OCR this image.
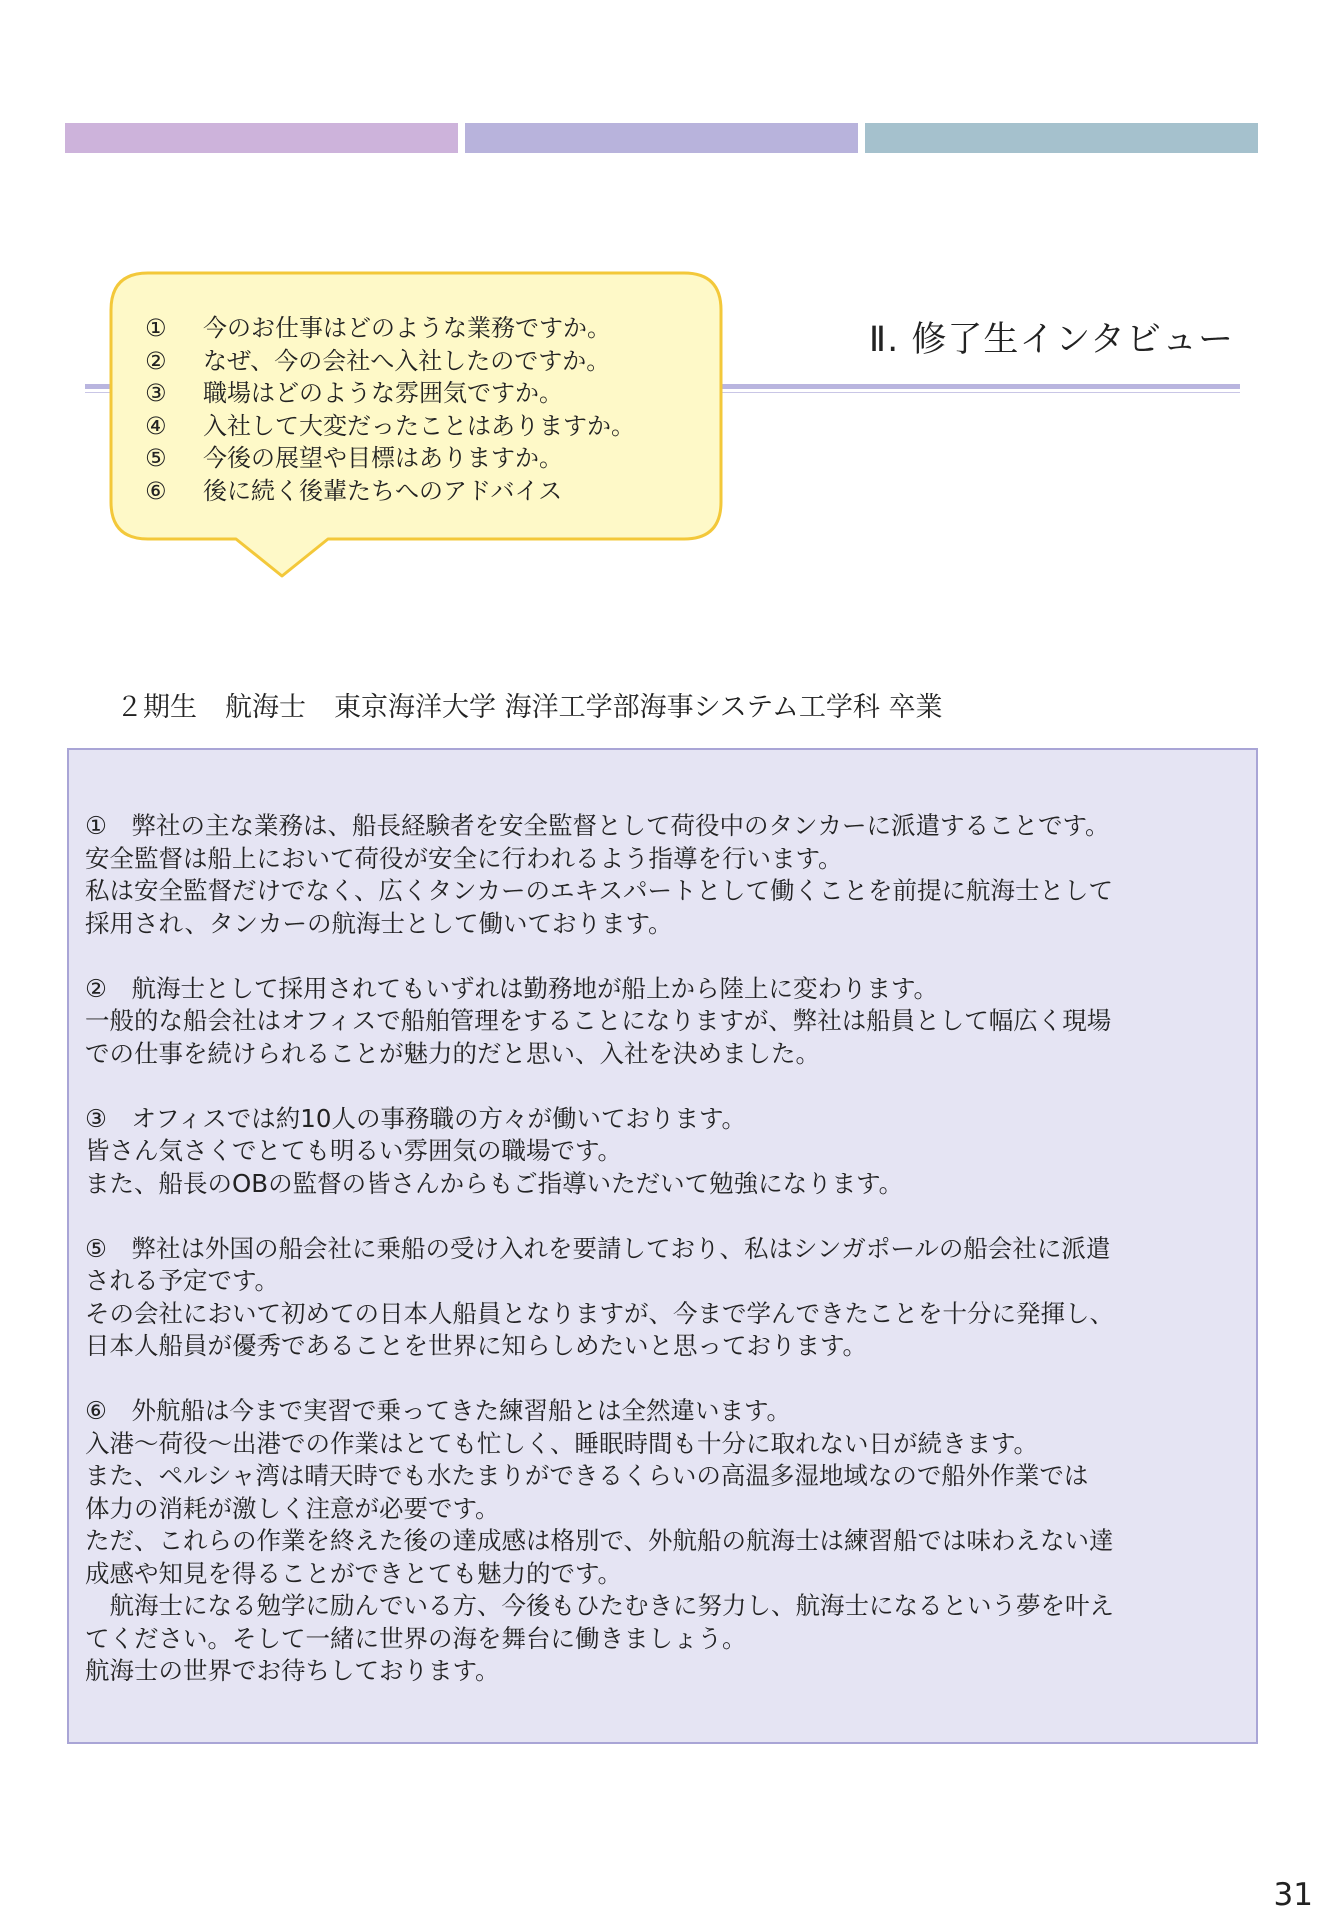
Ⅱ. 修了生インタビュー
①	今のお仕事はどのような業務ですか。
②	なぜ、今の会社へ入社したのですか。
③	職場はどのような雰囲気ですか。
④	入社して大変だったことはありますか。
⑤	今後の展望や目標はありますか。
⑥	後に続く後輩たちへのアドバイス
２期生 航海士 東京海洋大学 海洋工学部海事システム工学科 卒業

①　弊社の主な業務は、船長経験者を安全監督として荷役中のタンカーに派遣することです。

安全監督は船上において荷役が安全に行われるよう指導を行います。

私は安全監督だけでなく、広くタンカーのエキスパートとして働くことを前提に航海士として

採用され、タンカーの航海士として働いております。

②　航海士として採用されてもいずれは勤務地が船上から陸上に変わります。

一般的な船会社はオフィスで船舶管理をすることになりますが、弊社は船員として幅広く現場

での仕事を続けられることが魅力的だと思い、入社を決めました。

③　オフィスでは約10人の事務職の方々が働いております。

皆さん気さくでとても明るい雰囲気の職場です。

また、船長のOBの監督の皆さんからもご指導いただいて勉強になります。

⑤　弊社は外国の船会社に乗船の受け入れを要請しており、私はシンガポールの船会社に派遣

される予定です。

その会社において初めての日本人船員となりますが、今まで学んできたことを十分に発揮し、

日本人船員が優秀であることを世界に知らしめたいと思っております。

⑥　外航船は今まで実習で乗ってきた練習船とは全然違います。

入港～荷役～出港での作業はとても忙しく、睡眠時間も十分に取れない日が続きます。

また、ペルシャ湾は晴天時でも水たまりができるくらいの高温多湿地域なので船外作業では

体力の消耗が激しく注意が必要です。

ただ、これらの作業を終えた後の達成感は格別で、外航船の航海士は練習船では味わえない達

成感や知見を得ることができとても魅力的です。

　航海士になる勉学に励んでいる方、今後もひたむきに努力し、航海士になるという夢を叶え

てください。そして一緒に世界の海を舞台に働きましょう。

航海士の世界でお待ちしております。

31
